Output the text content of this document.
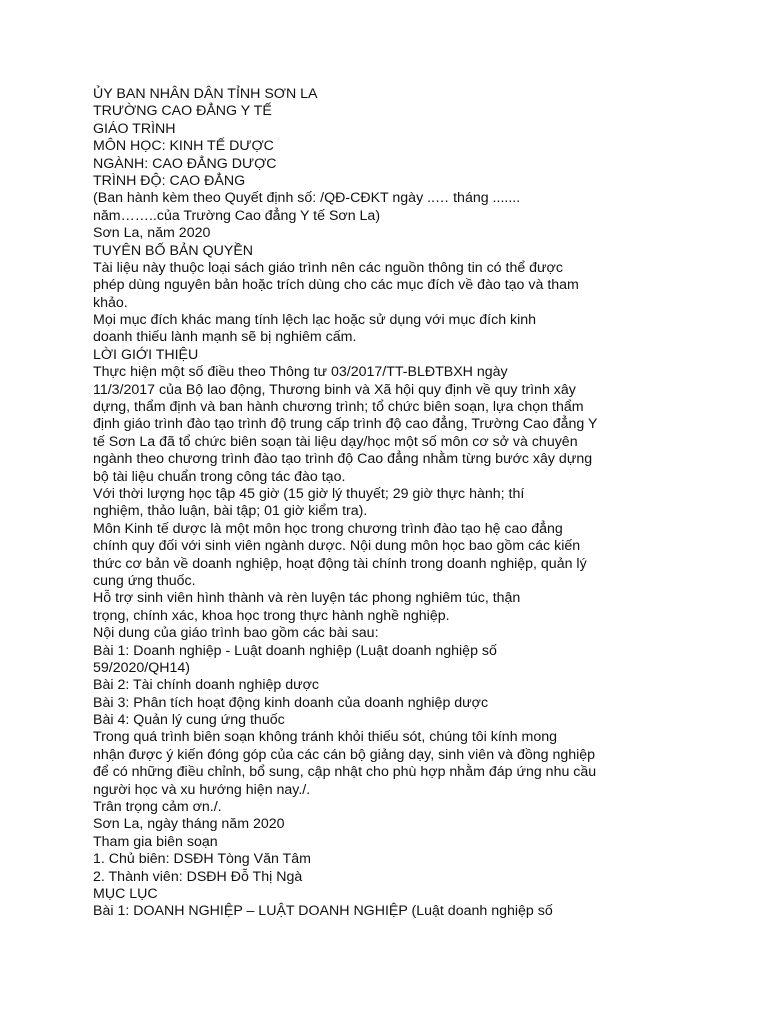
ỦY BAN NHÂN DÂN TỈNH SƠN LA
TRƯỜNG CAO ĐẲNG Y TẾ
GIÁO TRÌNH
MÔN HỌC: KINH TẾ DƯỢC
NGÀNH: CAO ĐẲNG DƯỢC
TRÌNH ĐỘ: CAO ĐẲNG
(Ban hành kèm theo Quyết định số: /QĐ-CĐKT ngày ..… tháng .......
năm……..của Trường Cao đẳng Y tế Sơn La)
Sơn La, năm 2020
TUYÊN BỐ BẢN QUYỀN
Tài liệu này thuộc loại sách giáo trình nên các nguồn thông tin có thể được
phép dùng nguyên bản hoặc trích dùng cho các mục đích về đào tạo và tham
khảo.
Mọi mục đích khác mang tính lệch lạc hoặc sử dụng với mục đích kinh
doanh thiếu lành mạnh sẽ bị nghiêm cấm.
LỜI GIỚI THIỆU
Thực hiện một số điều theo Thông tư 03/2017/TT-BLĐTBXH ngày
11/3/2017 của Bộ lao động, Thương binh và Xã hội quy định về quy trình xây
dựng, thẩm định và ban hành chương trình; tổ chức biên soạn, lựa chọn thẩm
định giáo trình đào tạo trình độ trung cấp trình độ cao đẳng, Trường Cao đẳng Y
tế Sơn La đã tổ chức biên soạn tài liệu dạy/học một số môn cơ sở và chuyên
ngành theo chương trình đào tạo trình độ Cao đẳng nhằm từng bước xây dựng
bộ tài liệu chuẩn trong công tác đào tạo.
Với thời lượng học tập 45 giờ (15 giờ lý thuyết; 29 giờ thực hành; thí
nghiệm, thảo luận, bài tập; 01 giờ kiểm tra).
Môn Kinh tế dược là một môn học trong chương trình đào tạo hệ cao đẳng
chính quy đối với sinh viên ngành dược. Nội dung môn học bao gồm các kiến
thức cơ bản về doanh nghiệp, hoạt động tài chính trong doanh nghiệp, quản lý
cung ứng thuốc.
Hỗ trợ sinh viên hình thành và rèn luyện tác phong nghiêm túc, thận
trọng, chính xác, khoa học trong thực hành nghề nghiệp.
Nội dung của giáo trình bao gồm các bài sau:
Bài 1: Doanh nghiệp - Luật doanh nghiệp (Luật doanh nghiệp số
59/2020/QH14)
Bài 2: Tài chính doanh nghiệp dược
Bài 3: Phân tích hoạt động kinh doanh của doanh nghiệp dược
Bài 4: Quản lý cung ứng thuốc
Trong quá trình biên soạn không tránh khỏi thiếu sót, chúng tôi kính mong
nhận được ý kiến đóng góp của các cán bộ giảng dạy, sinh viên và đồng nghiệp
để có những điều chỉnh, bổ sung, cập nhật cho phù hợp nhằm đáp ứng nhu cầu
người học và xu hướng hiện nay./.
Trân trọng cảm ơn./.
Sơn La, ngày tháng năm 2020
Tham gia biên soạn
1. Chủ biên: DSĐH Tòng Văn Tâm
2. Thành viên: DSĐH Đỗ Thị Ngà
MỤC LỤC
Bài 1: DOANH NGHIỆP – LUẬT DOANH NGHIỆP (Luật doanh nghiệp số
